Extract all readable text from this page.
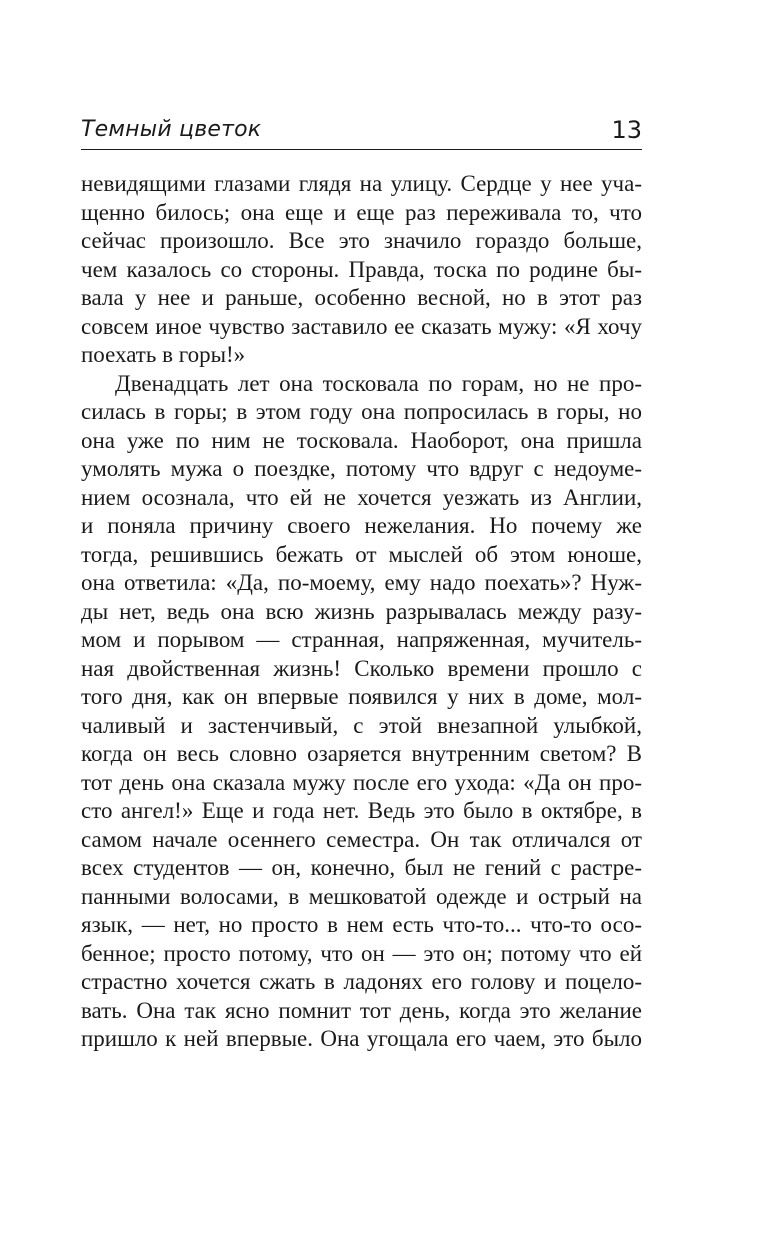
Темный цветок	13
невидящими глазами глядя на улицу. Сердце у нее уча-
щенно билось; она еще и еще раз переживала то, что
сейчас произошло. Все это значило гораздо больше,
чем казалось со стороны. Правда, тоска по родине бы-
вала у нее и раньше, особенно весной, но в этот раз
совсем иное чувство заставило ее сказать мужу: «Я хочу
поехать в горы!»
Двенадцать лет она тосковала по горам, но не про-
силась в горы; в этом году она попросилась в горы, но
она уже по ним не тосковала. Наоборот, она пришла
умолять мужа о поездке, потому что вдруг с недоуме-
нием осознала, что ей не хочется уезжать из Англии,
и поняла причину своего нежелания. Но почему же
тогда, решившись бежать от мыслей об этом юноше,
она ответила: «Да, по-моему, ему надо поехать»? Нуж-
ды нет, ведь она всю жизнь разрывалась между разу-
мом и порывом — странная, напряженная, мучитель-
ная двойственная жизнь! Сколько времени прошло с
того дня, как он впервые появился у них в доме, мол-
чаливый и застенчивый, с этой внезапной улыбкой,
когда он весь словно озаряется внутренним светом? В
тот день она сказала мужу после его ухода: «Да он про-
сто ангел!» Еще и года нет. Ведь это было в октябре, в
самом начале осеннего семестра. Он так отличался от
всех студентов — он, конечно, был не гений с растре-
панными волосами, в мешковатой одежде и острый на
язык, — нет, но просто в нем есть что-то... что-то осо-
бенное; просто потому, что он — это он; потому что ей
страстно хочется сжать в ладонях его голову и поцело-
вать. Она так ясно помнит тот день, когда это желание
пришло к ней впервые. Она угощала его чаем, это было
